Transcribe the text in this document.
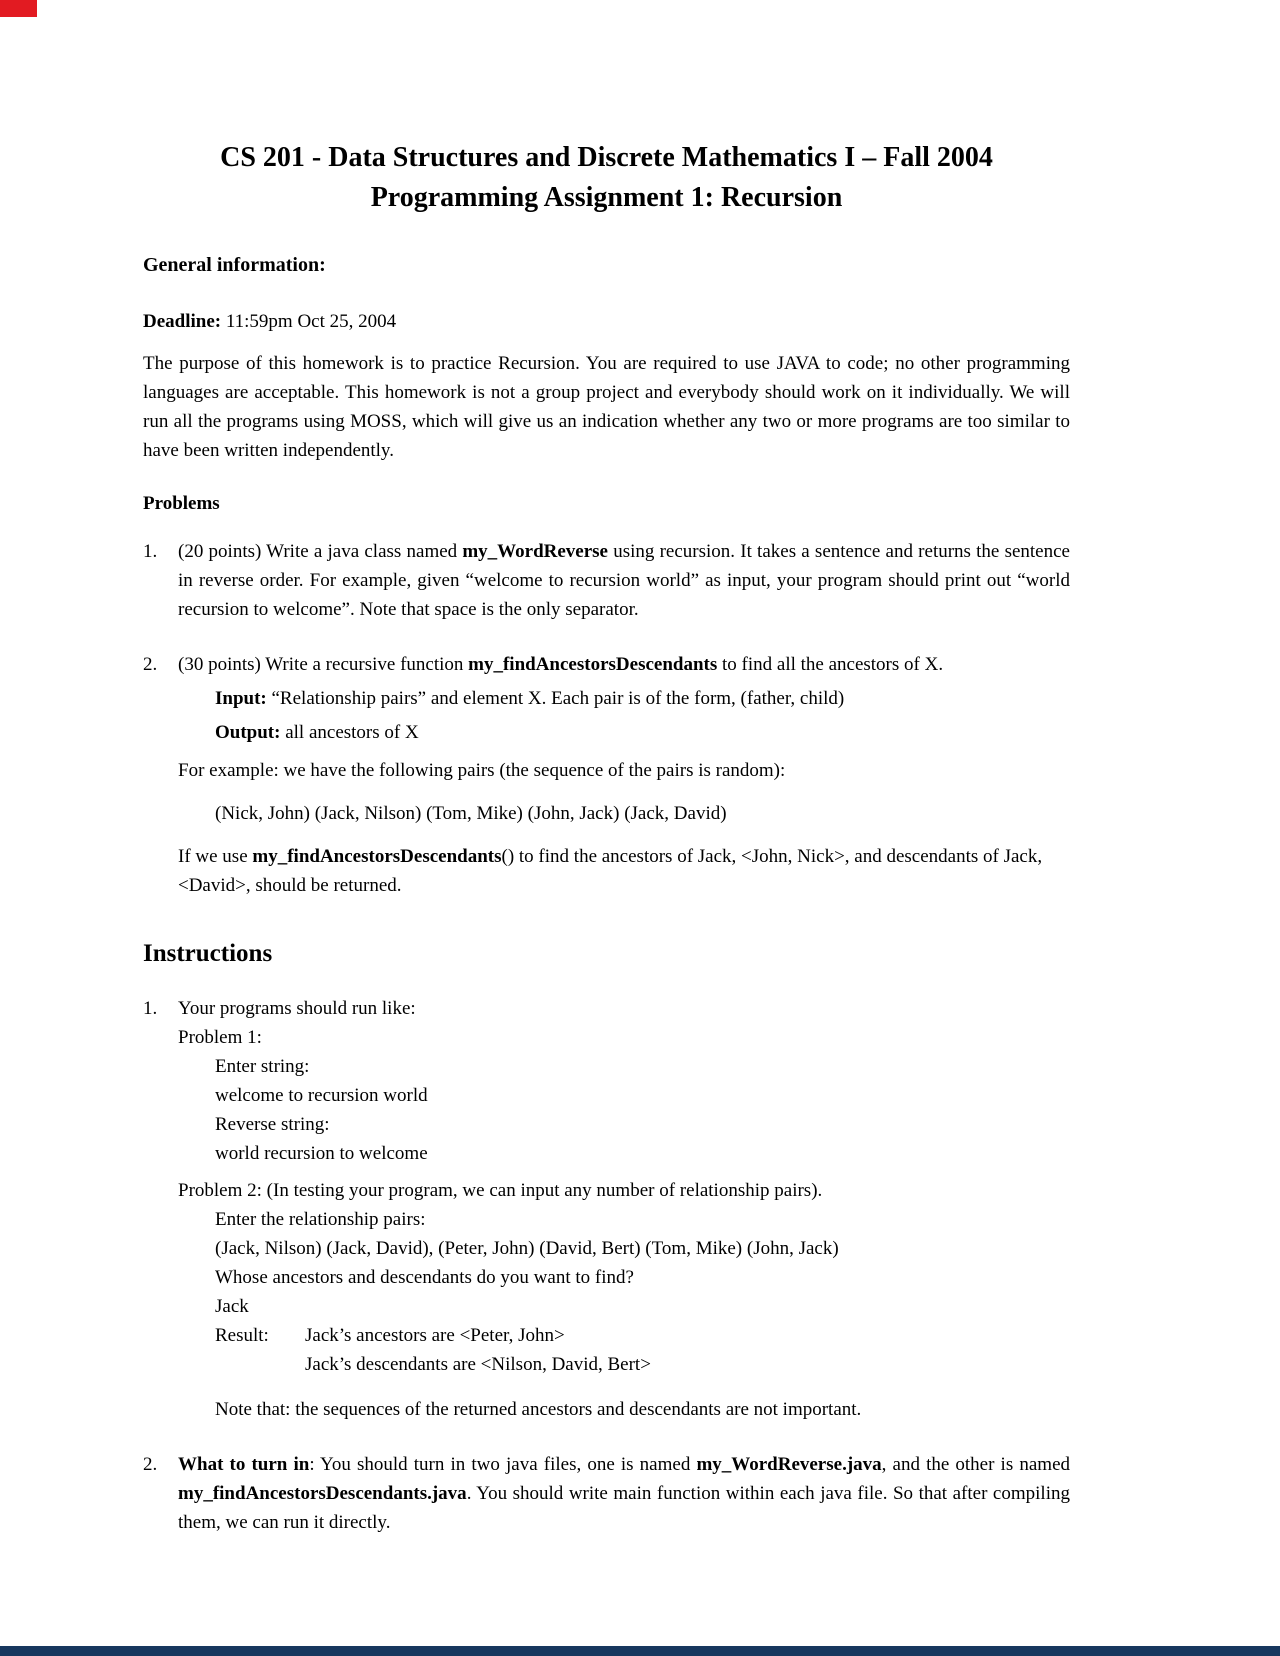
CS 201 - Data Structures and Discrete Mathematics I – Fall 2004
Programming Assignment 1: Recursion
General information:

Deadline: 11:59pm Oct 25, 2004

The purpose of this homework is to practice Recursion. You are required to use JAVA to code; no other programming languages are acceptable. This homework is not a group project and everybody should work on it individually. We will run all the programs using MOSS, which will give us an indication whether any two or more programs are too similar to have been written independently.

Problems
1.	(20 points) Write a java class named my_WordReverse using recursion. It takes a sentence and returns the sentence in reverse order. For example, given “welcome to recursion world” as input, your program should print out “world recursion to welcome”. Note that space is the only separator.
2.	(30 points) Write a recursive function my_findAncestorsDescendants to find all the ancestors of X.
Input: “Relationship pairs” and element X. Each pair is of the form, (father, child)
Output: all ancestors of X
For example: we have the following pairs (the sequence of the pairs is random):
(Nick, John) (Jack, Nilson) (Tom, Mike) (John, Jack) (Jack, David)
If we use my_findAncestorsDescendants() to find the ancestors of Jack, <John, Nick>, and descendants of Jack, <David>, should be returned.
Instructions
1.	Your programs should run like:
Problem 1:
Enter string:
welcome to recursion world
Reverse string:
world recursion to welcome
Problem 2: (In testing your program, we can input any number of relationship pairs).
Enter the relationship pairs:
(Jack, Nilson) (Jack, David), (Peter, John) (David, Bert) (Tom, Mike) (John, Jack)
Whose ancestors and descendants do you want to find?
Jack
Result:	Jack’s ancestors are <Peter, John>
Jack’s descendants are <Nilson, David, Bert>
Note that: the sequences of the returned ancestors and descendants are not important.
2.	What to turn in: You should turn in two java files, one is named my_WordReverse.java, and the other is named my_findAncestorsDescendants.java. You should write main function within each java file. So that after compiling them, we can run it directly.
